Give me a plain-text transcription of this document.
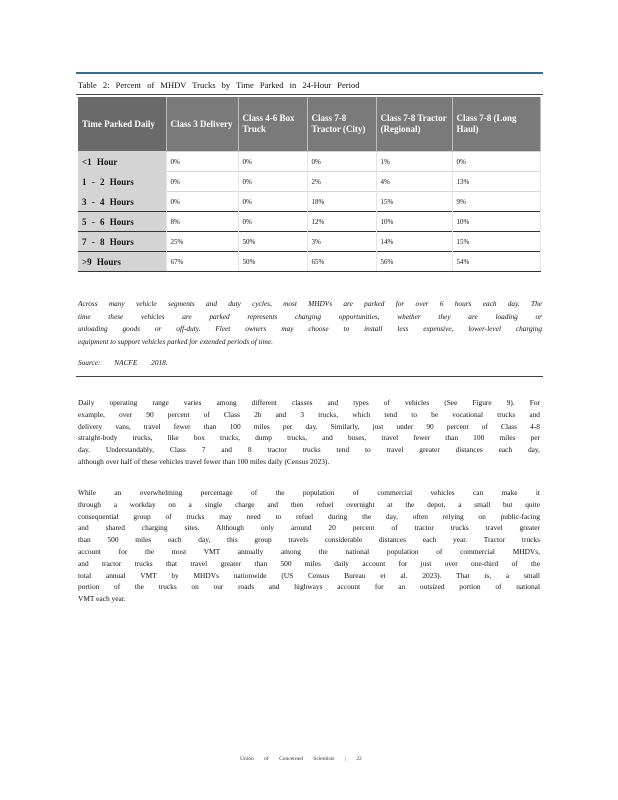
Table 2: Percent of MHDV Trucks by Time Parked in 24-Hour Period
Time Parked Daily	Class 3 Delivery	Class 4-6 Box Truck	Class 7-8 Tractor (City)	Class 7-8 Tractor (Regional)	Class 7-8 (Long Haul)
<1 Hour	0%	0%	0%	1%	0%
1 - 2 Hours	0%	0%	2%	4%	13%
3 - 4 Hours	0%	0%	18%	15%	9%
5 - 6 Hours	8%	0%	12%	10%	10%
7 - 8 Hours	25%	50%	3%	14%	15%
>9 Hours	67%	50%	65%	56%	54%
Across many vehicle segments and duty cycles, most MHDVs are parked for over 6 hours each day. The
time these vehicles are parked represents charging opportunities, whether they are loading or
unloading goods or off-duty. Fleet owners may choose to install less expensive, lower-level charging
equipment to support vehicles parked for extended periods of time.
Source: NACFE 2018.
Daily operating range varies among different classes and types of vehicles (See Figure 9). For
example, over 90 percent of Class 2b and 3 trucks, which tend to be vocational trucks and
delivery vans, travel fewer than 100 miles per day. Similarly, just under 90 percent of Class 4-8
straight-body trucks, like box trucks, dump trucks, and buses, travel fewer than 100 miles per
day. Understandably, Class 7 and 8 tractor trucks tend to travel greater distances each day,
although over half of these vehicles travel fewer than 100 miles daily (Census 2023).
While an overwhelming percentage of the population of commercial vehicles can make it
through a workday on a single charge and then refuel overnight at the depot, a small but quite
consequential group of trucks may need to refuel during the day, often relying on public-facing
and shared charging sites. Although only around 20 percent of tractor trucks travel greater
than 500 miles each day, this group travels considerable distances each year. Tractor trucks
account for the most VMT annually among the national population of commercial MHDVs,
and tractor trucks that travel greater than 500 miles daily account for just over one-third of the
total annual VMT by MHDVs nationwide (US Census Bureau et al. 2023). That is, a small
portion of the trucks on our roads and highways account for an outsized portion of national
VMT each year.
Union of Concerned Scientists | 22
